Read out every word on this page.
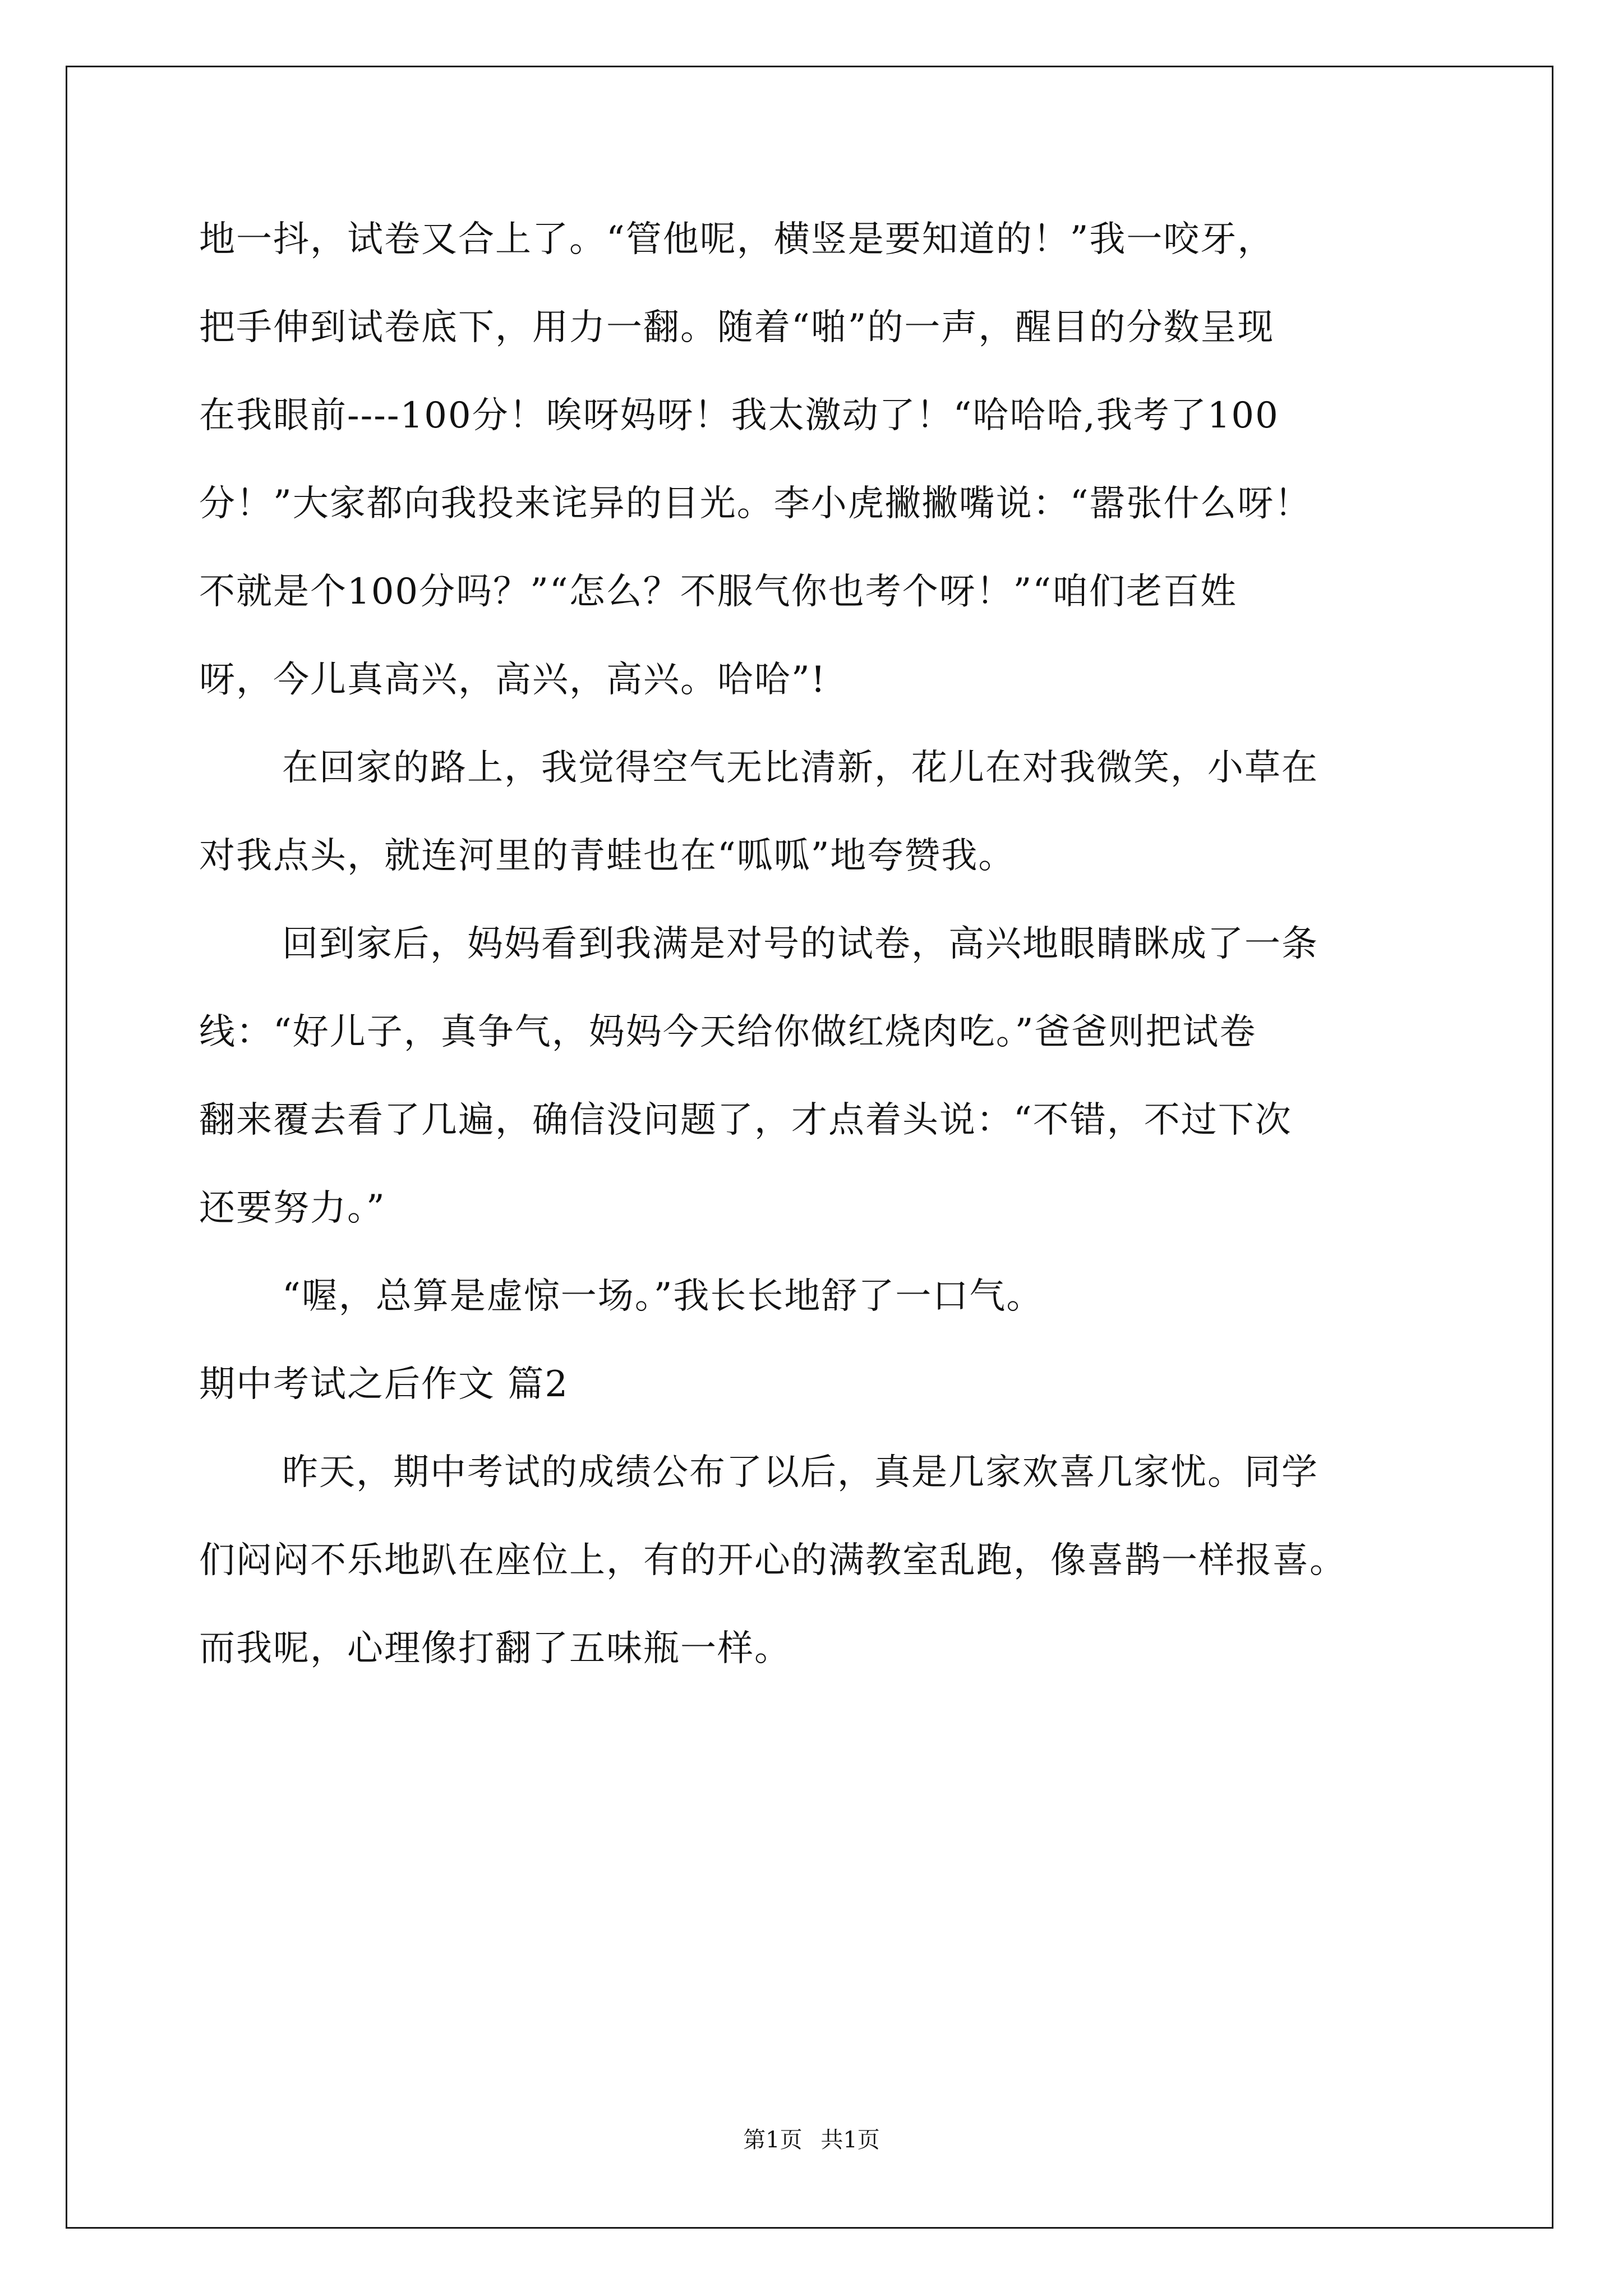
地一抖，试卷又合上了。“管他呢，横竖是要知道的！”我一咬牙，
把手伸到试卷底下，用力一翻。随着“啪”的一声，醒目的分数呈现
在我眼前----100分！唉呀妈呀！我太激动了！“哈哈哈,我考了100
分！”大家都向我投来诧异的目光。李小虎撇撇嘴说：“嚣张什么呀！
不就是个100分吗？”“怎么？不服气你也考个呀！”“咱们老百姓
呀，今儿真高兴，高兴，高兴。哈哈”!
在回家的路上，我觉得空气无比清新，花儿在对我微笑，小草在
对我点头，就连河里的青蛙也在“呱呱”地夸赞我。
回到家后，妈妈看到我满是对号的试卷，高兴地眼睛眯成了一条
线：“好儿子，真争气，妈妈今天给你做红烧肉吃。”爸爸则把试卷
翻来覆去看了几遍，确信没问题了，才点着头说：“不错，不过下次
还要努力。”
“喔，总算是虚惊一场。”我长长地舒了一口气。
期中考试之后作文 篇2
昨天，期中考试的成绩公布了以后，真是几家欢喜几家忧。同学
们闷闷不乐地趴在座位上，有的开心的满教室乱跑，像喜鹊一样报喜。
而我呢，心理像打翻了五味瓶一样。
第1页 共1页
